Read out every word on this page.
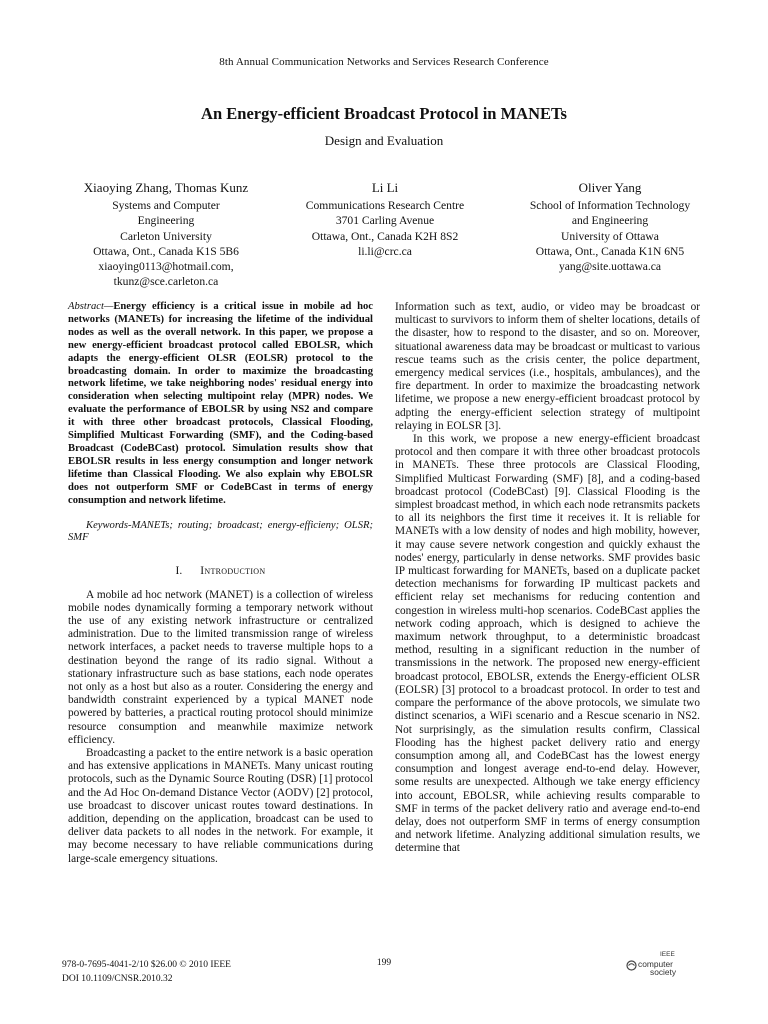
8th Annual Communication Networks and Services Research Conference
An Energy-efficient Broadcast Protocol in MANETs
Design and Evaluation
Xiaoying Zhang, Thomas Kunz
Systems and Computer
Engineering
Carleton University
Ottawa, Ont., Canada K1S 5B6
xiaoying0113@hotmail.com,
tkunz@sce.carleton.ca
Li Li
Communications Research Centre
3701 Carling Avenue
Ottawa, Ont., Canada K2H 8S2
li.li@crc.ca
Oliver Yang
School of Information Technology
and Engineering
University of Ottawa
Ottawa, Ont., Canada K1N 6N5
yang@site.uottawa.ca
Abstract—Energy efficiency is a critical issue in mobile ad hoc networks (MANETs) for increasing the lifetime of the individual nodes as well as the overall network. In this paper, we propose a new energy-efficient broadcast protocol called EBOLSR, which adapts the energy-efficient OLSR (EOLSR) protocol to the broadcasting domain. In order to maximize the broadcasting network lifetime, we take neighboring nodes' residual energy into consideration when selecting multipoint relay (MPR) nodes. We evaluate the performance of EBOLSR by using NS2 and compare it with three other broadcast protocols, Classical Flooding, Simplified Multicast Forwarding (SMF), and the Coding-based Broadcast (CodeBCast) protocol. Simulation results show that EBOLSR results in less energy consumption and longer network lifetime than Classical Flooding. We also explain why EBOLSR does not outperform SMF or CodeBCast in terms of energy consumption and network lifetime.
Keywords-MANETs; routing; broadcast; energy-efficieny; OLSR; SMF
I. Introduction

A mobile ad hoc network (MANET) is a collection of wireless mobile nodes dynamically forming a temporary network without the use of any existing network infrastructure or centralized administration. Due to the limited transmission range of wireless network interfaces, a packet needs to traverse multiple hops to a destination beyond the range of its radio signal. Without a stationary infrastructure such as base stations, each node operates not only as a host but also as a router. Considering the energy and bandwidth constraint experienced by a typical MANET node powered by batteries, a practical routing protocol should minimize resource consumption and meanwhile maximize network efficiency.

Broadcasting a packet to the entire network is a basic operation and has extensive applications in MANETs. Many unicast routing protocols, such as the Dynamic Source Routing (DSR) [1] protocol and the Ad Hoc On-demand Distance Vector (AODV) [2] protocol, use broadcast to discover unicast routes toward destinations. In addition, depending on the application, broadcast can be used to deliver data packets to all nodes in the network. For example, it may become necessary to have reliable communications during large-scale emergency situations.

Information such as text, audio, or video may be broadcast or multicast to survivors to inform them of shelter locations, details of the disaster, how to respond to the disaster, and so on. Moreover, situational awareness data may be broadcast or multicast to various rescue teams such as the crisis center, the police department, emergency medical services (i.e., hospitals, ambulances), and the fire department. In order to maximize the broadcasting network lifetime, we propose a new energy-efficient broadcast protocol by adpting the energy-efficient selection strategy of multipoint relaying in EOLSR [3].

In this work, we propose a new energy-efficient broadcast protocol and then compare it with three other broadcast protocols in MANETs. These three protocols are Classical Flooding, Simplified Multicast Forwarding (SMF) [8], and a coding-based broadcast protocol (CodeBCast) [9]. Classical Flooding is the simplest broadcast method, in which each node retransmits packets to all its neighbors the first time it receives it. It is reliable for MANETs with a low density of nodes and high mobility, however, it may cause severe network congestion and quickly exhaust the nodes' energy, particularly in dense networks. SMF provides basic IP multicast forwarding for MANETs, based on a duplicate packet detection mechanisms for forwarding IP multicast packets and efficient relay set mechanisms for reducing contention and congestion in wireless multi-hop scenarios. CodeBCast applies the network coding approach, which is designed to achieve the maximum network throughput, to a deterministic broadcast method, resulting in a significant reduction in the number of transmissions in the network. The proposed new energy-efficient broadcast protocol, EBOLSR, extends the Energy-efficient OLSR (EOLSR) [3] protocol to a broadcast protocol. In order to test and compare the performance of the above protocols, we simulate two distinct scenarios, a WiFi scenario and a Rescue scenario in NS2. Not surprisingly, as the simulation results confirm, Classical Flooding has the highest packet delivery ratio and energy consumption among all, and CodeBCast has the lowest energy consumption and longest average end-to-end delay. However, some results are unexpected. Although we take energy efficiency into account, EBOLSR, while achieving results comparable to SMF in terms of the packet delivery ratio and average end-to-end delay, does not outperform SMF in terms of energy consumption and network lifetime. Analyzing additional simulation results, we determine that

978-0-7695-4041-2/10 $26.00 © 2010 IEEE
DOI 10.1109/CNSR.2010.32
199
IEEE
computer
society
